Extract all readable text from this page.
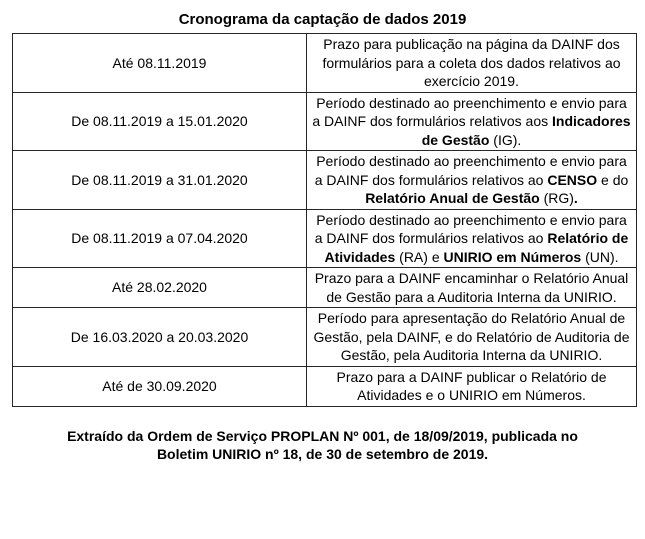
Cronograma da captação de dados 2019
Até 08.11.2019	Prazo para publicação na página da DAINF dos formulários para a coleta dos dados relativos ao exercício 2019.
De 08.11.2019 a 15.01.2020	Período destinado ao preenchimento e envio para a DAINF dos formulários relativos aos Indicadores de Gestão (IG).
De 08.11.2019 a 31.01.2020	Período destinado ao preenchimento e envio para a DAINF dos formulários relativos ao CENSO e do Relatório Anual de Gestão (RG).
De 08.11.2019 a 07.04.2020	Período destinado ao preenchimento e envio para a DAINF dos formulários relativos ao Relatório de Atividades (RA) e UNIRIO em Números (UN).
Até 28.02.2020	Prazo para a DAINF encaminhar o Relatório Anual de Gestão para a Auditoria Interna da UNIRIO.
De 16.03.2020 a 20.03.2020	Período para apresentação do Relatório Anual de Gestão, pela DAINF, e do Relatório de Auditoria de Gestão, pela Auditoria Interna da UNIRIO.
Até de 30.09.2020	Prazo para a DAINF publicar o Relatório de Atividades e o UNIRIO em Números.

Extraído da Ordem de Serviço PROPLAN Nº 001, de 18/09/2019, publicada no
Boletim UNIRIO nº 18, de 30 de setembro de 2019.
